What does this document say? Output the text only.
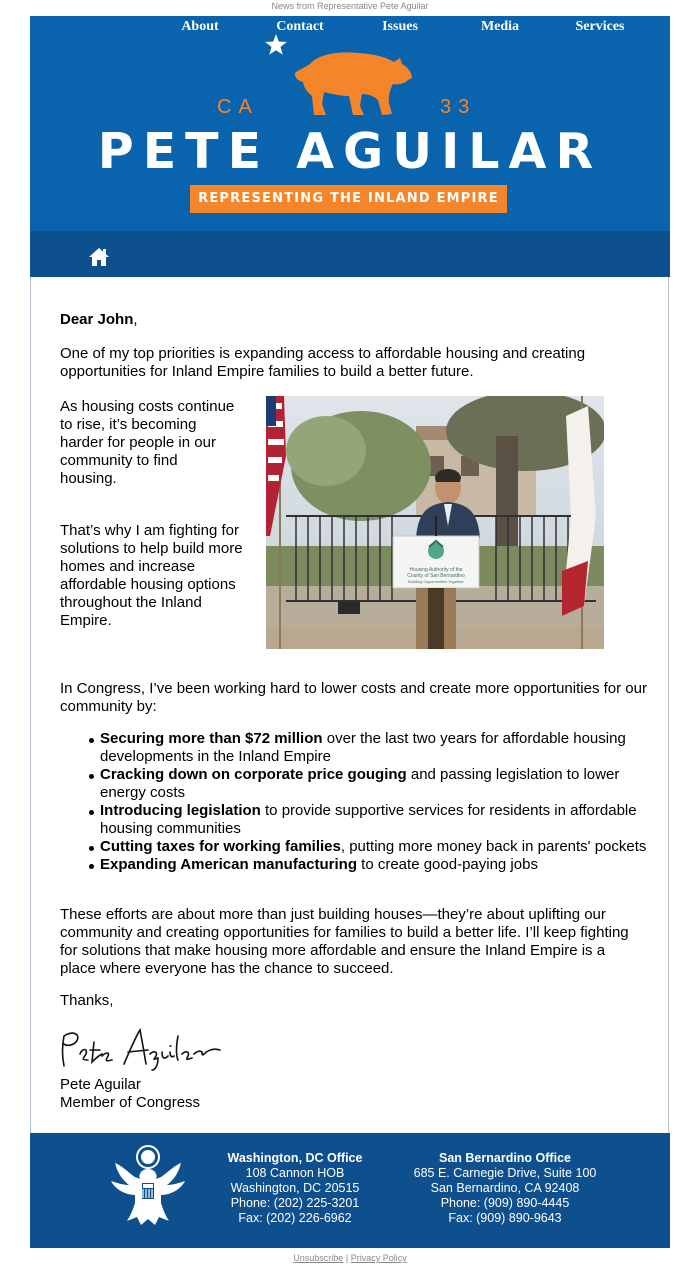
News from Representative Pete Aguilar
CA	33
PETE AGUILAR
REPRESENTING THE INLAND EMPIRE
About	Contact	Issues	Media	Services
Dear John,
One of my top priorities is expanding access to affordable housing and creating opportunities for Inland Empire families to build a better future.
As housing costs continue to rise, it’s becoming harder for people in our community to find housing.
That’s why I am fighting for solutions to help build more homes and increase affordable housing options throughout the Inland Empire.
Housing Authority of the
County of San Bernardino
Building Opportunities Together
In Congress, I’ve been working hard to lower costs and create more opportunities for our community by:
Securing more than $72 million over the last two years for affordable housing developments in the Inland Empire
Cracking down on corporate price gouging and passing legislation to lower energy costs
Introducing legislation to provide supportive services for residents in affordable housing communities
Cutting taxes for working families, putting more money back in parents' pockets
Expanding American manufacturing to create good-paying jobs
These efforts are about more than just building houses—they’re about uplifting our community and creating opportunities for families to build a better life. I’ll keep fighting for solutions that make housing more affordable and ensure the Inland Empire is a place where everyone has the chance to succeed.
Thanks,
Pete Aguilar
Member of Congress
Washington, DC Office
108 Cannon HOB
Washington, DC 20515
Phone: (202) 225-3201
Fax: (202) 226-6962
San Bernardino Office
685 E. Carnegie Drive, Suite 100
San Bernardino, CA 92408
Phone: (909) 890-4445
Fax: (909) 890-9643
Unsubscribe | Privacy Policy
